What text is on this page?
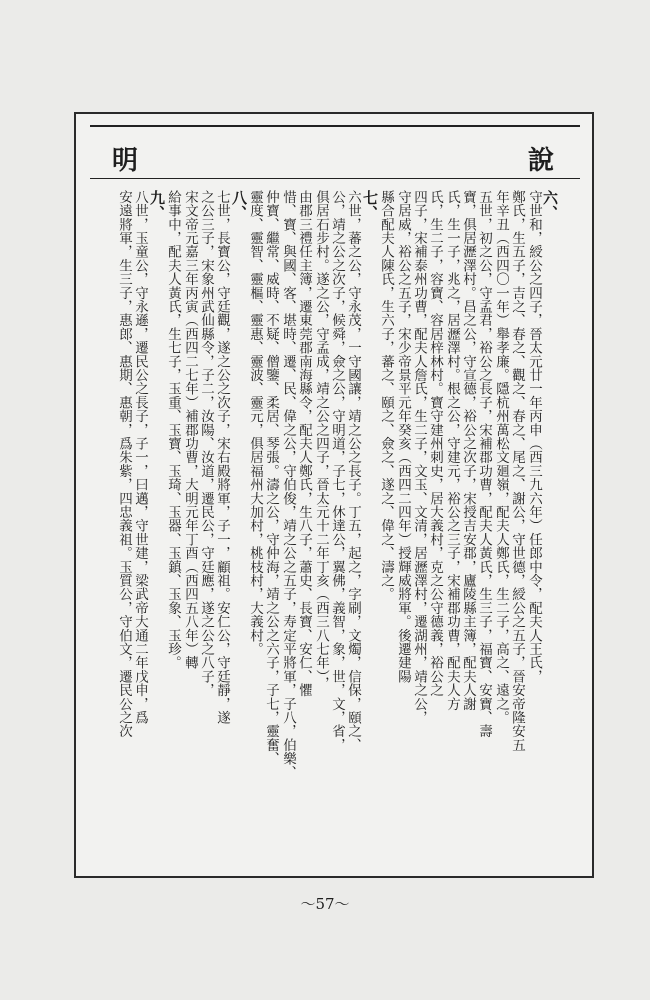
明	說
六、
守世和，綬公之四子，晉太元廿一年丙申（西三九六年）任郎中令，配夫人王氏，
鄭氏，生五子，吉之、春之、觀之、春之、尾之、謝公，守世德，綬公之五子，晉安帝隆安五
年辛丑（西四〇一年）舉孝廉。隱杭州萬松文廻嶺，配夫人鄭氏，生二子，高之、遠之。
五世，初之公，守孟君，裕公之長子，宋補郡功曹，配夫人黃氏，生三子，福寶、安寶、壽
寶，俱居瀝澤村。昌之公，守宣德，裕公之次子，宋授吉安郡，廬陵縣主簿，配夫人謝
氏，生一子，兆之，居瀝澤村。根之公，守建元，裕公之三子，宋補郡功曹，配夫人方
氏，生二子，容寶、容居梓林村。寶守建州刺史，居大義村，克之公守德義，裕公之
四子，宋補泰州功曹，配夫人詹氏，生二子，文玉、文清，居瀝澤村，遷湖州，靖之公，
守居威，裕公之五子，宋少帝景平元年癸亥（西四二四年）授輝威將軍。後遷建陽
縣合配夫人陳氏，生六子，蕃之、頤之、僉之、遂之、偉之、濤之。
七、
六世，蕃之公，守永茂，一守國讓，靖之公之長子。丁五，起之，字刷，文燭，信保，頤之、
公，靖之公之次子，候舜，僉之公，守明道，子七，休達公，翼佛，義智，象，世，文，省，
俱居石步村。遂之公，守孟成，靖之公之四子，晉太元十二年丁亥（西三八七年），
由郡三禮任主簿，遷東莞郡南海縣令，配夫人鄭氏，生八子，蕭史、長寶、安仁、懼
惜、寶、與國、客、堪時、遷、民、偉之公，守伯俊，靖之公之五子，寿定平將軍，子八，伯樂、
仲寶、繼常、威時、不疑、僧鑒、柔居、琴張。濤之公，守仲海，靖之公之六子，子七，靈奮、
靈度、靈智、靈樞、靈惠、靈波、靈元，俱居福州大加村，桃枝村，大義村。
八、
七世，長寶公，守廷觀，遂之公之次子，宋右殿將軍，子一，顧祖。安仁公，守廷靜，遂
之公三子，宋象州武仙縣令，子二，汝陽、汝道，遷民公，守廷應，遂之公之八子，
宋文帝元嘉三年丙寅（西四二七年）補郡功曹，大明元年丁酉（西四五八年）轉
給事中，配夫人黃氏，生七子，玉重、玉寶、玉琦、玉器、玉鎮、玉象、玉珍。
九、
八世，玉童公，守永遜，遷民公之長子，子一，曰邁，守世建，梁武帝大通二年戊申，爲
安遠將軍，生三子，惠郎、惠期、惠朝，爲朱紫，四忠義祖。玉質公，守伯文，遷民公之次
～57～
